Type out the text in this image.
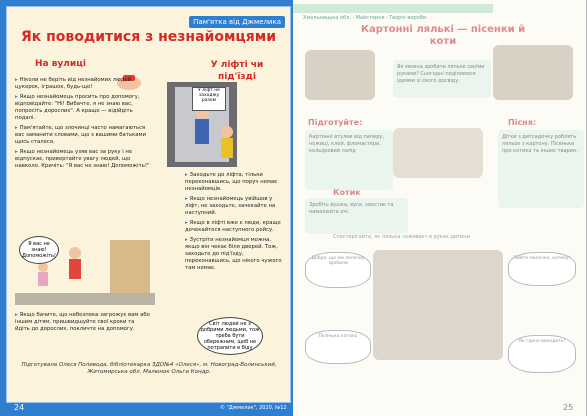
Пам'ятка від Джмелика
Як поводитися з незнайомцями
На вулиці	У ліфті чи під'їзді

▸ Ніколи не беріть від незнайомих людей цукерок, іграшок, будь-що!

▸ Якщо незнайомець просить про допомогу, відповідайте: "Ні! Вибачте, я не знаю вас, попросіть дорослих". А краще — відійдіть подалі.

▸ Пам'ятайте, що злочинці часто намагаються вас заманити словами, що з вашими батьками щось сталося.

▸ Якщо незнайомець узяв вас за руку і не відпускає, привертайте увагу людей, що навколо. Кричіть: "Я вас не знаю! Допоможіть!"

Я вас не знаю! Допоможіть!
У ліфт не заходжу разом

▸ Заходьте до ліфта, тільки переконавшись, що поруч немає незнайомців.

▸ Якщо незнайомець увійшов у ліфт, не заходьте, зачекайте на наступний.

▸ Якщо в ліфті вже є люди, краще дочекайтеся наступного рейсу.

▸ Зустріти незнайомця можна, якщо він чекає біля дверей. Тож, заходьте до під'їзду, переконавшись, що нікого чужого там немає.

Світ людей не з добрими людьми, тож треба бути обережним, щоб не потрапити в біду

▸ Якщо бачите, що небезпека загрожує вам або іншим дітям, пришвидшуйте свої кроки та йдіть до дорослих, покличте на допомогу.

Підготувала Олеся Поливода, бібліотекарка ЗДО№4 «Олеся», м. Новоград-Волинський, Житомирська обл. Малюнок Ольги Кондр.
24	© "Джмелик", 2020, №12
Хмельницька обл. · Майстерня · Творчі вироби
Картонні лялькі — пісенки й коти
Як можна зробити ляльок своїми руками? Сьогодні поділимося ідеями зі свого досвіду.
Підготуйте:	Пісня:
Картонні втулки від паперу, ножиці, клей, фломастери, кольоровий папір
Дітки з дитсадочку роблять ляльок з картону. Пісенька про котика та інших тварин.
Котик
Зробіть вушка, вуса, хвостик та намалюйте очі.
Спостерігайте, як лялька «оживає» в руках дитини
Добре, що ми лялечку зробили
Пийте молочко, котику!
Пісенька котика
Як гарно виходить!
25
